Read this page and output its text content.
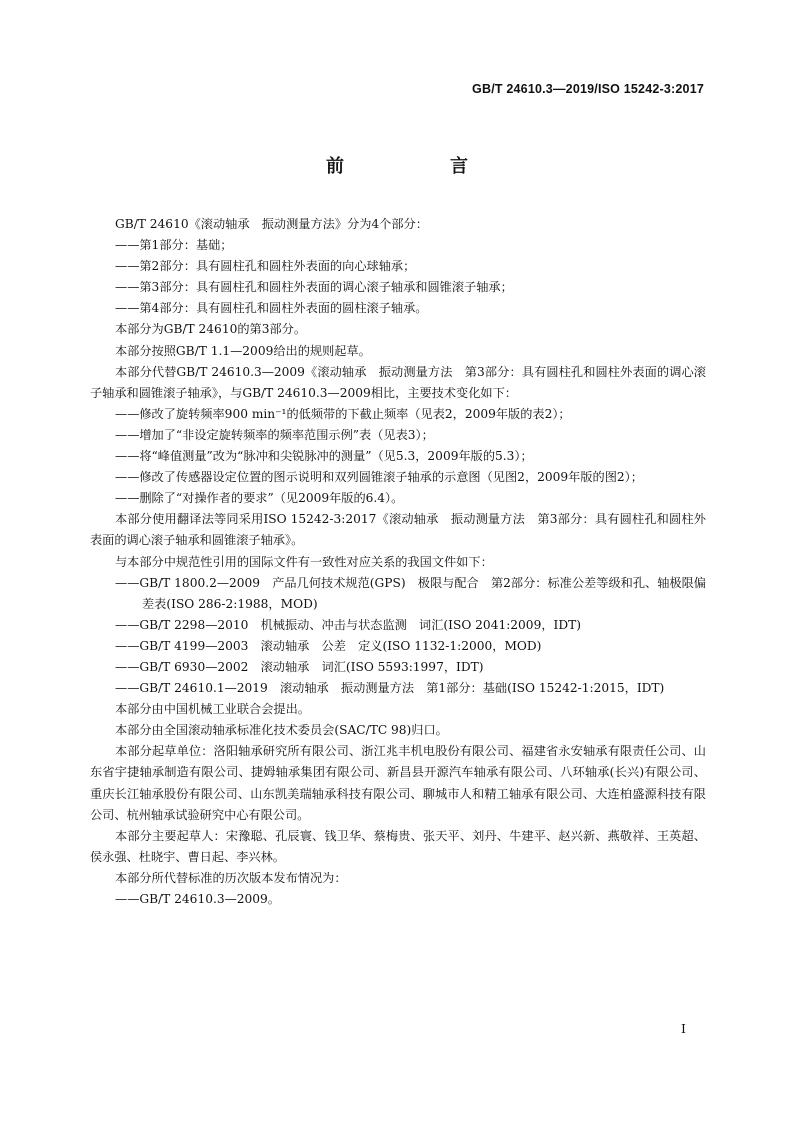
GB/T 24610.3—2019/ISO 15242-3:2017
前　言

GB/T 24610《滚动轴承　振动测量方法》分为4个部分：

——第1部分：基础；

——第2部分：具有圆柱孔和圆柱外表面的向心球轴承；

——第3部分：具有圆柱孔和圆柱外表面的调心滚子轴承和圆锥滚子轴承；

——第4部分：具有圆柱孔和圆柱外表面的圆柱滚子轴承。

本部分为GB/T 24610的第3部分。

本部分按照GB/T 1.1—2009给出的规则起草。

本部分代替GB/T 24610.3—2009《滚动轴承　振动测量方法　第3部分：具有圆柱孔和圆柱外表面的调心滚子轴承和圆锥滚子轴承》，与GB/T 24610.3—2009相比，主要技术变化如下：

——修改了旋转频率900 min⁻¹的低频带的下截止频率（见表2，2009年版的表2）；

——增加了“非设定旋转频率的频率范围示例”表（见表3）；

——将“峰值测量”改为“脉冲和尖锐脉冲的测量”（见5.3，2009年版的5.3）；

——修改了传感器设定位置的图示说明和双列圆锥滚子轴承的示意图（见图2，2009年版的图2）；

——删除了“对操作者的要求”（见2009年版的6.4）。

本部分使用翻译法等同采用ISO 15242-3:2017《滚动轴承　振动测量方法　第3部分：具有圆柱孔和圆柱外表面的调心滚子轴承和圆锥滚子轴承》。

与本部分中规范性引用的国际文件有一致性对应关系的我国文件如下：

——GB/T 1800.2—2009　产品几何技术规范(GPS)　极限与配合　第2部分：标准公差等级和孔、轴极限偏差表(ISO 286-2:1988，MOD)

——GB/T 2298—2010　机械振动、冲击与状态监测　词汇(ISO 2041:2009，IDT)

——GB/T 4199—2003　滚动轴承　公差　定义(ISO 1132-1:2000，MOD)

——GB/T 6930—2002　滚动轴承　词汇(ISO 5593:1997，IDT)

——GB/T 24610.1—2019　滚动轴承　振动测量方法　第1部分：基础(ISO 15242-1:2015，IDT)

本部分由中国机械工业联合会提出。

本部分由全国滚动轴承标准化技术委员会(SAC/TC 98)归口。

本部分起草单位：洛阳轴承研究所有限公司、浙江兆丰机电股份有限公司、福建省永安轴承有限责任公司、山东省宇捷轴承制造有限公司、捷姆轴承集团有限公司、新昌县开源汽车轴承有限公司、八环轴承(长兴)有限公司、重庆长江轴承股份有限公司、山东凯美瑞轴承科技有限公司、聊城市人和精工轴承有限公司、大连柏盛源科技有限公司、杭州轴承试验研究中心有限公司。

本部分主要起草人：宋豫聪、孔辰寰、钱卫华、蔡梅贵、张天平、刘丹、牛建平、赵兴新、燕敬祥、王英超、侯永强、杜晓宇、曹日起、李兴林。

本部分所代替标准的历次版本发布情况为：

——GB/T 24610.3—2009。

I
